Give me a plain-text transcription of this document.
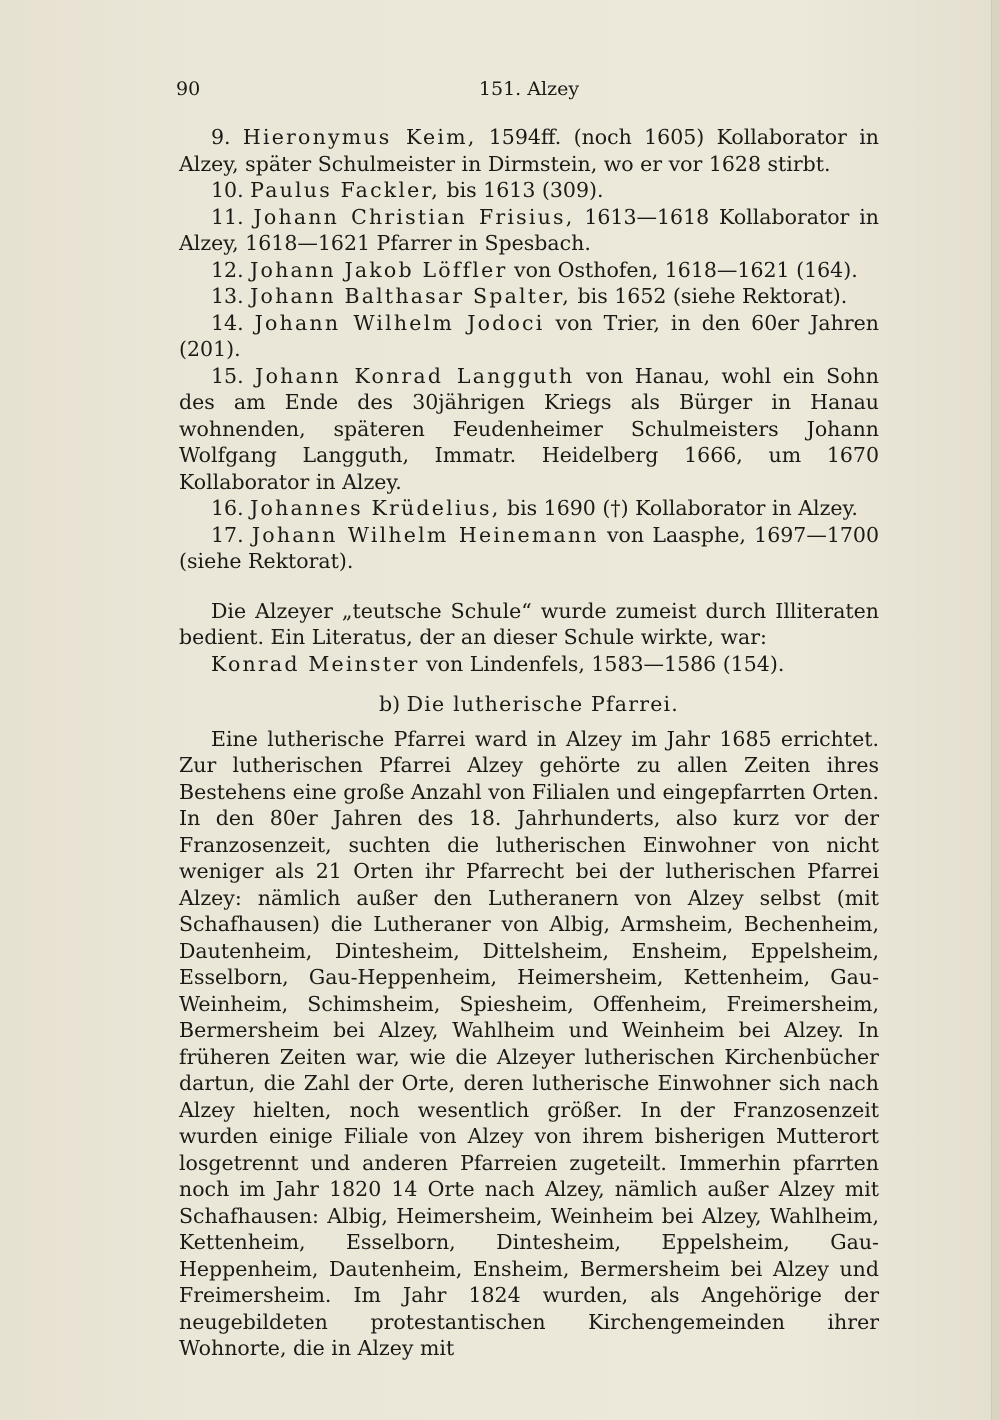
90	151. Alzey

9. Hieronymus Keim, 1594ff. (noch 1605) Kollaborator in Alzey, später Schulmeister in Dirmstein, wo er vor 1628 stirbt.

10. Paulus Fackler, bis 1613 (309).

11. Johann Christian Frisius, 1613—1618 Kollaborator in Alzey, 1618—1621 Pfarrer in Spesbach.

12. Johann Jakob Löffler von Osthofen, 1618—1621 (164).

13. Johann Balthasar Spalter, bis 1652 (siehe Rektorat).

14. Johann Wilhelm Jodoci von Trier, in den 60er Jahren (201).

15. Johann Konrad Langguth von Hanau, wohl ein Sohn des am Ende des 30jährigen Kriegs als Bürger in Hanau wohnenden, späteren Feudenheimer Schulmeisters Johann Wolfgang Langguth, Immatr. Heidelberg 1666, um 1670 Kollaborator in Alzey.

16. Johannes Krüdelius, bis 1690 (†) Kollaborator in Alzey.

17. Johann Wilhelm Heinemann von Laasphe, 1697—1700 (siehe Rektorat).

Die Alzeyer „teutsche Schule“ wurde zumeist durch Illiteraten bedient. Ein Literatus, der an dieser Schule wirkte, war:

Konrad Meinster von Lindenfels, 1583—1586 (154).

b) Die lutherische Pfarrei.

Eine lutherische Pfarrei ward in Alzey im Jahr 1685 errichtet. Zur lutherischen Pfarrei Alzey gehörte zu allen Zeiten ihres Bestehens eine große Anzahl von Filialen und eingepfarrten Orten. In den 80er Jahren des 18. Jahrhunderts, also kurz vor der Franzosenzeit, suchten die lutherischen Einwohner von nicht weniger als 21 Orten ihr Pfarrecht bei der lutherischen Pfarrei Alzey: nämlich außer den Lutheranern von Alzey selbst (mit Schafhausen) die Lutheraner von Albig, Armsheim, Bechenheim, Dautenheim, Dintesheim, Dittelsheim, Ensheim, Eppelsheim, Esselborn, Gau-Heppenheim, Heimersheim, Kettenheim, Gau-Weinheim, Schimsheim, Spiesheim, Offenheim, Freimersheim, Bermersheim bei Alzey, Wahlheim und Weinheim bei Alzey. In früheren Zeiten war, wie die Alzeyer lutherischen Kirchenbücher dartun, die Zahl der Orte, deren lutherische Einwohner sich nach Alzey hielten, noch wesentlich größer. In der Franzosenzeit wurden einige Filiale von Alzey von ihrem bisherigen Mutterort losgetrennt und anderen Pfarreien zugeteilt. Immerhin pfarrten noch im Jahr 1820 14 Orte nach Alzey, nämlich außer Alzey mit Schafhausen: Albig, Heimersheim, Weinheim bei Alzey, Wahlheim, Kettenheim, Esselborn, Dintesheim, Eppelsheim, Gau-Heppenheim, Dautenheim, Ensheim, Bermersheim bei Alzey und Freimersheim. Im Jahr 1824 wurden, als Angehörige der neugebildeten protestantischen Kirchengemeinden ihrer Wohnorte, die in Alzey mit
